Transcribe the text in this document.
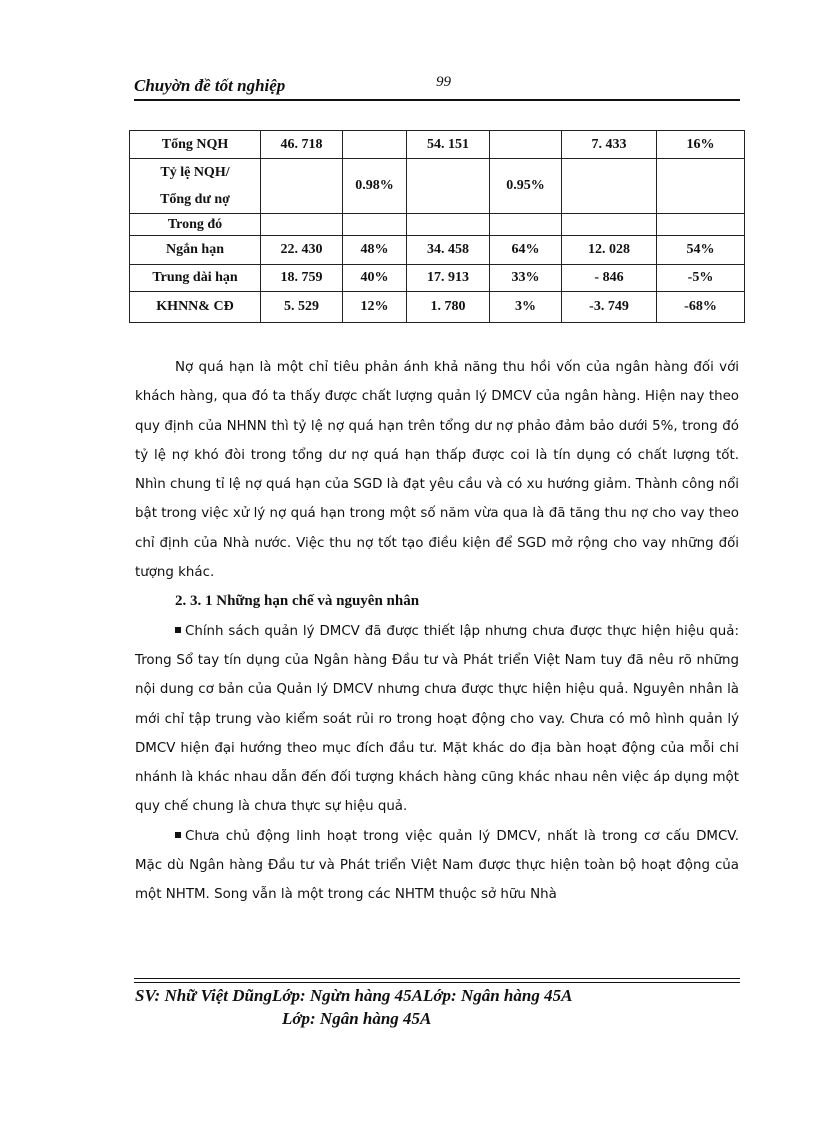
Chuyờn đề tốt nghiệp	99
Tổng NQH	46. 718		54. 151		7. 433	16%

Tỷ lệ NQH/
Tổng dư nợ		0.98%		0.95%		
Trong đó						
Ngắn hạn	22. 430	48%	34. 458	64%	12. 028	54%
Trung dài hạn	18. 759	40%	17. 913	33%	- 846	-5%
KHNN& CĐ	5. 529	12%	1. 780	3%	-3. 749	-68%

Nợ quá hạn là một chỉ tiêu phản ánh khả năng thu hồi vốn của ngân hàng đối với khách hàng, qua đó ta thấy được chất lượng quản lý DMCV của ngân hàng. Hiện nay theo quy định của NHNN thì tỷ lệ nợ quá hạn trên tổng dư nợ phảo đảm bảo dưới 5%, trong đó tỷ lệ nợ khó đòi trong tổng dư nợ quá hạn thấp được coi là tín dụng có chất lượng tốt. Nhìn chung tỉ lệ nợ quá hạn của SGD là đạt yêu cầu và có xu hướng giảm. Thành công nổi bật trong việc xử lý nợ quá hạn trong một số năm vừa qua là đã tăng thu nợ cho vay theo chỉ định của Nhà nước. Việc thu nợ tốt tạo điều kiện để SGD mở rộng cho vay những đối tượng khác.

2. 3. 1 Những hạn chế và nguyên nhân

Chính sách quản lý DMCV đã được thiết lập nhưng chưa được thực hiện hiệu quả: Trong Sổ tay tín dụng của Ngân hàng Đầu tư và Phát triển Việt Nam tuy đã nêu rõ những nội dung cơ bản của Quản lý DMCV nhưng chưa được thực hiện hiệu quả. Nguyên nhân là mới chỉ tập trung vào kiểm soát rủi ro trong hoạt động cho vay. Chưa có mô hình quản lý DMCV hiện đại hướng theo mục đích đầu tư. Mặt khác do địa bàn hoạt động của mỗi chi nhánh là khác nhau dẫn đến đối tượng khách hàng cũng khác nhau nên việc áp dụng một quy chế chung là chưa thực sự hiệu quả.

Chưa chủ động linh hoạt trong việc quản lý DMCV, nhất là trong cơ cấu DMCV. Mặc dù Ngân hàng Đầu tư và Phát triển Việt Nam được thực hiện toàn bộ hoạt động của một NHTM. Song vẫn là một trong các NHTM thuộc sở hữu Nhà

SV: Nhữ Việt DũngLớp: Ngừn hàng 45ALớp: Ngân hàng 45A
Lớp: Ngân hàng 45A
